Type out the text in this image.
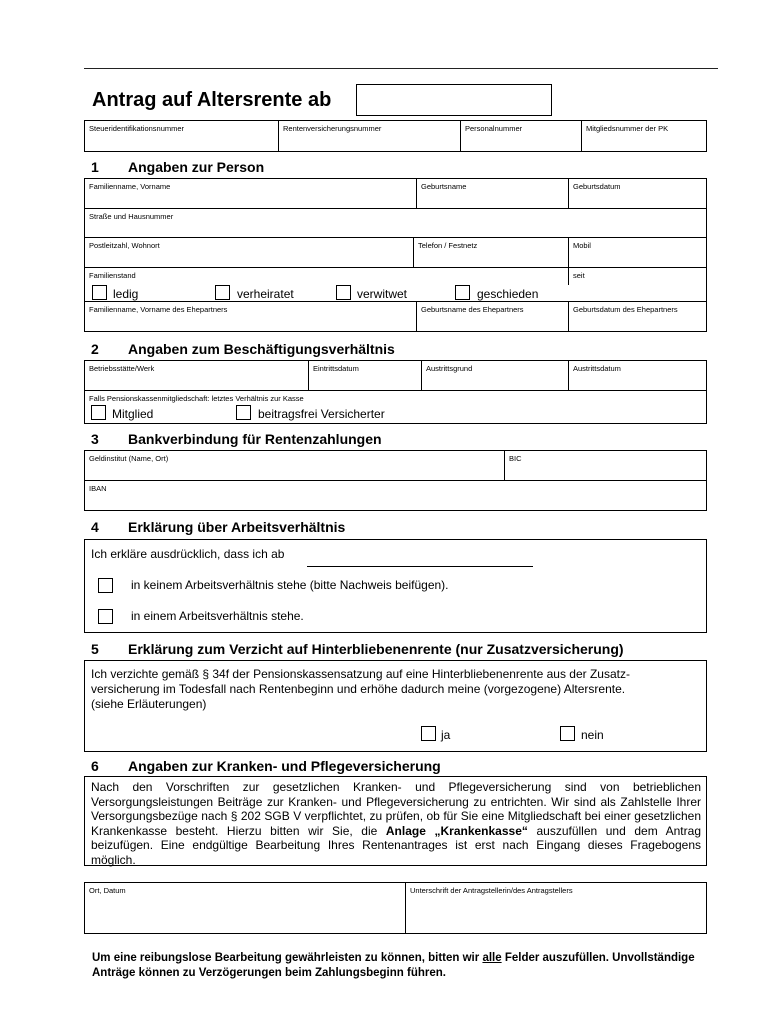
Antrag auf Altersrente ab
Steueridentifikationsnummer	Rentenversicherungsnummer	Personalnummer	Mitgliedsnummer der PK
1 Angaben zur Person
Familienname, Vorname	Geburtsname	Geburtsdatum
Straße und Hausnummer
Postleitzahl, Wohnort	Telefon / Festnetz	Mobil
Familienstand	seit
ledig	verheiratet	verwitwet	geschieden
Familienname, Vorname des Ehepartners	Geburtsname des Ehepartners	Geburtsdatum des Ehepartners
2 Angaben zum Beschäftigungsverhältnis
Betriebsstätte/Werk	Eintrittsdatum	Austrittsgrund	Austrittsdatum
Falls Pensionskassenmitgliedschaft: letztes Verhältnis zur Kasse
Mitglied	beitragsfrei Versicherter
3 Bankverbindung für Rentenzahlungen
Geldinstitut (Name, Ort)	BIC
IBAN
4 Erklärung über Arbeitsverhältnis
Ich erkläre ausdrücklich, dass ich ab
in keinem Arbeitsverhältnis stehe (bitte Nachweis beifügen).
in einem Arbeitsverhältnis stehe.
5 Erklärung zum Verzicht auf Hinterbliebenenrente (nur Zusatzversicherung)
Ich verzichte gemäß § 34f der Pensionskassensatzung auf eine Hinterbliebenenrente aus der Zusatz-
versicherung im Todesfall nach Rentenbeginn und erhöhe dadurch meine (vorgezogene) Altersrente.
(siehe Erläuterungen)
ja	nein
6 Angaben zur Kranken- und Pflegeversicherung
Nach den Vorschriften zur gesetzlichen Kranken- und Pflegeversicherung sind von betrieblichen Versorgungsleistungen Beiträge zur Kranken- und Pflegeversicherung zu entrichten. Wir sind als Zahlstelle Ihrer Versorgungsbezüge nach § 202 SGB V verpflichtet, zu prüfen, ob für Sie eine Mitgliedschaft bei einer gesetzlichen Krankenkasse besteht. Hierzu bitten wir Sie, die Anlage „Krankenkasse“ auszufüllen und dem Antrag beizufügen. Eine endgültige Bearbeitung Ihres Rentenantrages ist erst nach Eingang dieses Fragebogens möglich.
Ort, Datum	Unterschrift der Antragstellerin/des Antragstellers
Um eine reibungslose Bearbeitung gewährleisten zu können, bitten wir alle Felder auszufüllen. Unvollständige Anträge können zu Verzögerungen beim Zahlungsbeginn führen.
